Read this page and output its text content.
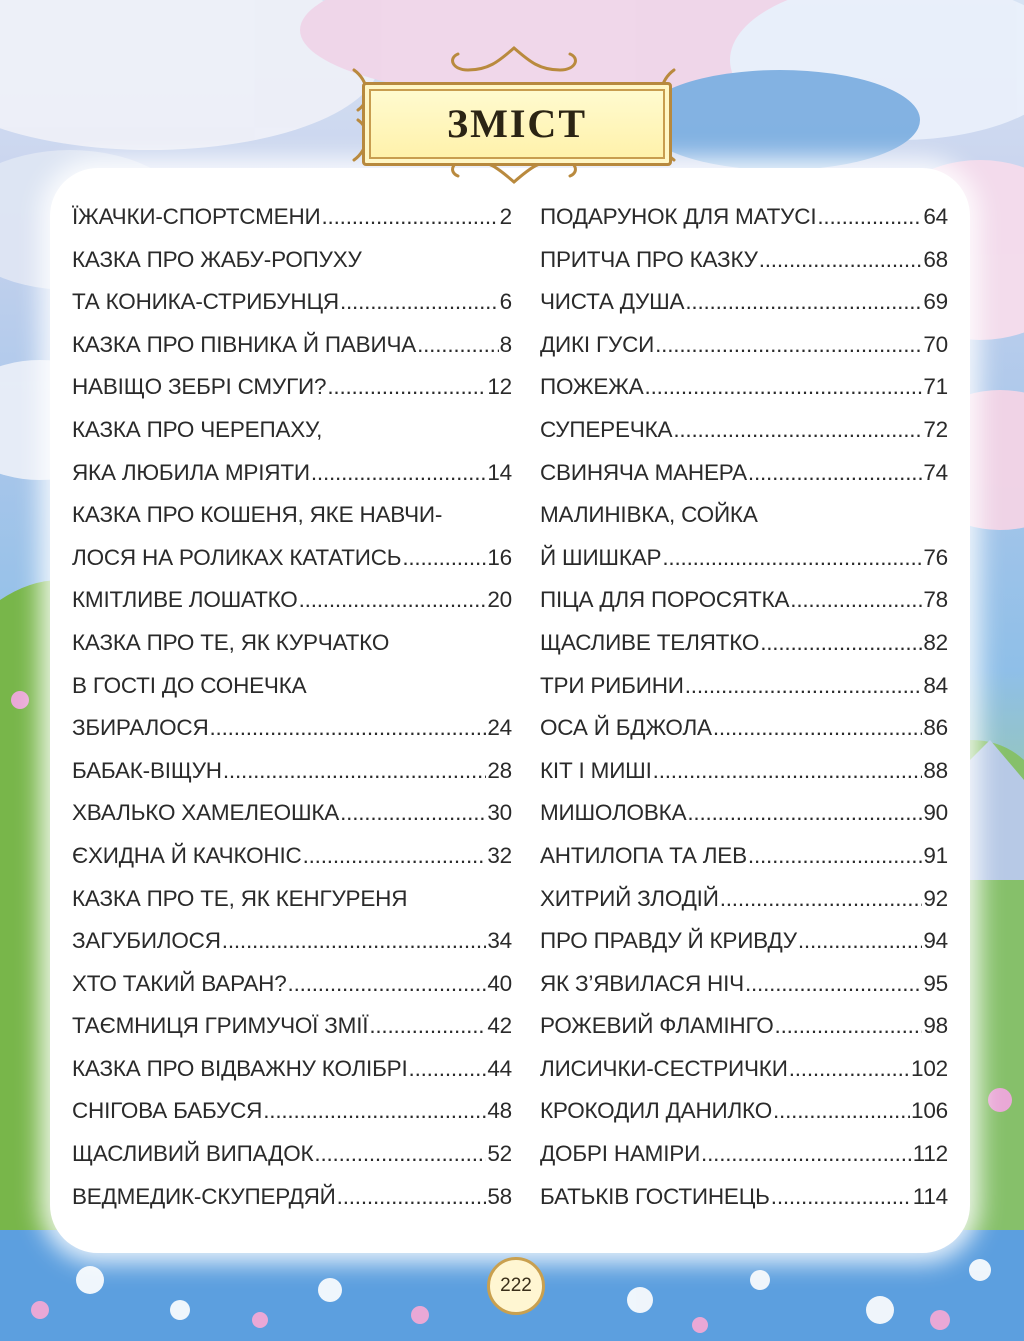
ЗМІСТ
ЇЖАЧКИ-СПОРТСМЕНИ .....	2
КАЗКА ПРО ЖАБУ-РОПУХУ
ТА КОНИКА-СТРИБУНЦЯ .....	6
КАЗКА ПРО ПІВНИКА Й ПАВИЧА .....	8
НАВІЩО ЗЕБРІ СМУГИ? .....	12
КАЗКА ПРО ЧЕРЕПАХУ,
ЯКА ЛЮБИЛА МРІЯТИ .....	14
КАЗКА ПРО КОШЕНЯ, ЯКЕ НАВЧИ-
ЛОСЯ НА РОЛИКАХ КАТАТИСЬ .....	16
КМІТЛИВЕ ЛОШАТКО .....	20
КАЗКА ПРО ТЕ, ЯК КУРЧАТКО
В ГОСТІ ДО СОНЕЧКА
ЗБИРАЛОСЯ .....	24
БАБАК-ВІЩУН .....	28
ХВАЛЬКО ХАМЕЛЕОШКА .....	30
ЄХИДНА Й КАЧКОНІС .....	32
КАЗКА ПРО ТЕ, ЯК КЕНГУРЕНЯ
ЗАГУБИЛОСЯ .....	34
ХТО ТАКИЙ ВАРАН? .....	40
ТАЄМНИЦЯ ГРИМУЧОЇ ЗМІЇ .....	42
КАЗКА ПРО ВІДВАЖНУ КОЛІБРІ .....	44
СНІГОВА БАБУСЯ .....	48
ЩАСЛИВИЙ ВИПАДОК .....	52
ВЕДМЕДИК-СКУПЕРДЯЙ .....	58
ПОДАРУНОК ДЛЯ МАТУСІ .....	64
ПРИТЧА ПРО КАЗКУ .....	68
ЧИСТА ДУША .....	69
ДИКІ ГУСИ .....	70
ПОЖЕЖА .....	71
СУПЕРЕЧКА .....	72
СВИНЯЧА МАНЕРА .....	74
МАЛИНІВКА, СОЙКА
Й ШИШКАР .....	76
ПІЦА ДЛЯ ПОРОСЯТКА .....	78
ЩАСЛИВЕ ТЕЛЯТКО .....	82
ТРИ РИБИНИ .....	84
ОСА Й БДЖОЛА .....	86
КІТ І МИШІ .....	88
МИШОЛОВКА .....	90
АНТИЛОПА ТА ЛЕВ .....	91
ХИТРИЙ ЗЛОДІЙ .....	92
ПРО ПРАВДУ Й КРИВДУ .....	94
ЯК З’ЯВИЛАСЯ НІЧ .....	95
РОЖЕВИЙ ФЛАМІНГО .....	98
ЛИСИЧКИ-СЕСТРИЧКИ .....	102
КРОКОДИЛ ДАНИЛКО .....	106
ДОБРІ НАМІРИ .....	112
БАТЬКІВ ГОСТИНЕЦЬ .....	114
222
